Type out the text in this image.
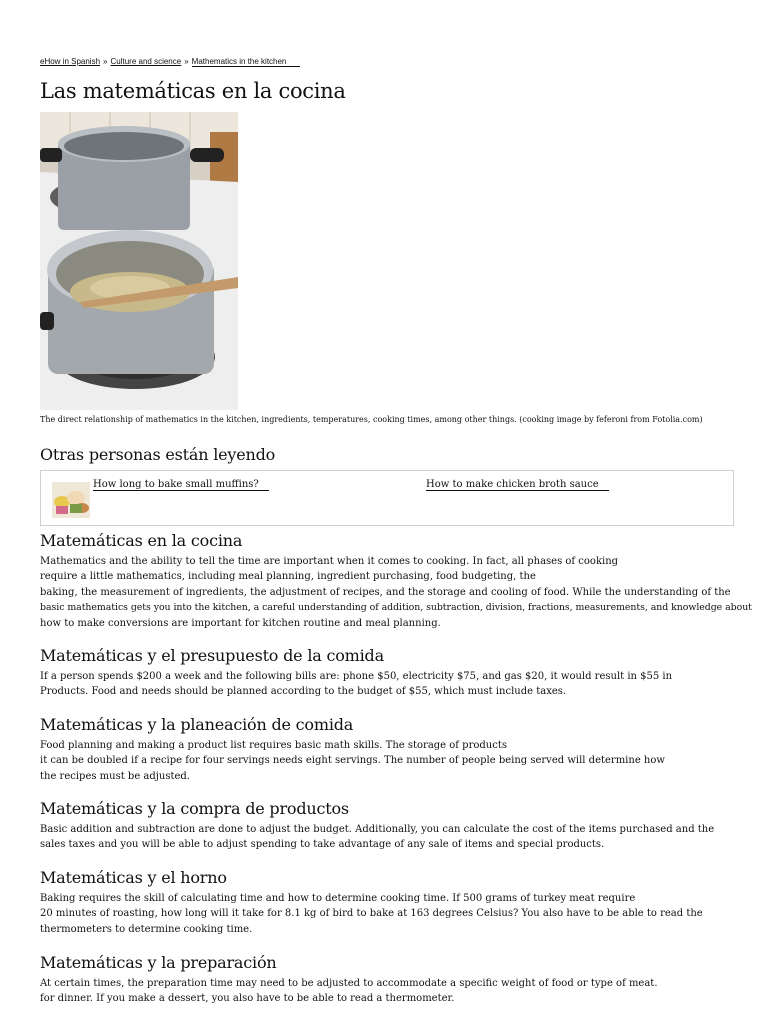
eHow in Spanish » Culture and science » Mathematics in the kitchen
Las matemáticas en la cocina
The direct relationship of mathematics in the kitchen, ingredients, temperatures, cooking times, among other things. (cooking image by feferoni from Fotolia.com)
Otras personas están leyendo
How long to bake small muffins?	How to make chicken broth sauce
Matemáticas en la cocina

Mathematics and the ability to tell the time are important when it comes to cooking. In fact, all phases of cooking
require a little mathematics, including meal planning, ingredient purchasing, food budgeting, the
baking, the measurement of ingredients, the adjustment of recipes, and the storage and cooling of food. While the understanding of the
basic mathematics gets you into the kitchen, a careful understanding of addition, subtraction, division, fractions, measurements, and knowledge about
how to make conversions are important for kitchen routine and meal planning.

Matemáticas y el presupuesto de la comida

If a person spends $200 a week and the following bills are: phone $50, electricity $75, and gas $20, it would result in $55 in
Products. Food and needs should be planned according to the budget of $55, which must include taxes.

Matemáticas y la planeación de comida

Food planning and making a product list requires basic math skills. The storage of products
it can be doubled if a recipe for four servings needs eight servings. The number of people being served will determine how
the recipes must be adjusted.

Matemáticas y la compra de productos

Basic addition and subtraction are done to adjust the budget. Additionally, you can calculate the cost of the items purchased and the
sales taxes and you will be able to adjust spending to take advantage of any sale of items and special products.

Matemáticas y el horno

Baking requires the skill of calculating time and how to determine cooking time. If 500 grams of turkey meat require
20 minutes of roasting, how long will it take for 8.1 kg of bird to bake at 163 degrees Celsius? You also have to be able to read the
thermometers to determine cooking time.

Matemáticas y la preparación

At certain times, the preparation time may need to be adjusted to accommodate a specific weight of food or type of meat.
for dinner. If you make a dessert, you also have to be able to read a thermometer.
